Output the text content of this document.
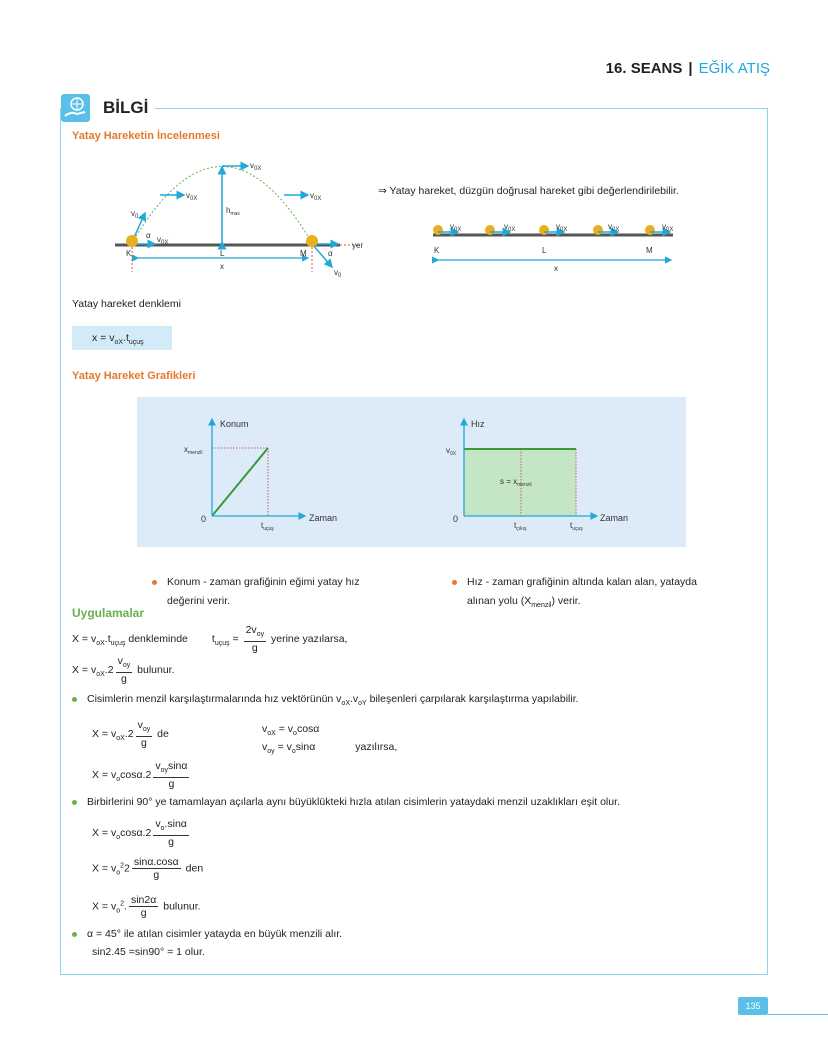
16. SEANS | EĞİK ATIŞ
BİLGİ
Yatay Hareketin İncelenmesi
$v_{0X}$
$v_{0X}$	$v_{0X}$
$v_{0X}$
$v_0$
$v_0$
$h_{max}$
α
α
K	L	M
x
yer
⇒ Yatay hareket, düzgün doğrusal hareket gibi değerlendirilebilir.
$v_{0X}$	$v_{0X}$	$v_{0X}$	$v_{0X}$	$v_{0X}$
K	L	M
x
Yatay hareket denklemi
$x = v_{oX}.t_{uçuş}$
Yatay Hareket Grafikleri
Konum
Zaman
0
$x_{menzil}$
$t_{uçuş}$
Hız
Zaman
0
$v_{0X}$
$s = x_{menzil}$
$t_{çıkış}$	$t_{uçuş}$
Konum - zaman grafiğinin eğimi yatay hız
değerini verir.
Hız - zaman grafiğinin altında kalan alan, yatayda
alınan yolu $(X_{menzil})$ verir.
Uygulamalar
$X = v_{oX}.t_{uçuş}$ denkleminde $t_{uçuş} = \frac{2v_{oy}}{g}$ yerine yazılarsa,
$X = v_{oX}.2 \frac{v_{oy}}{g}$ bulunur.
Cisimlerin menzil karşılaştırmalarında hız vektörünün $v_{oX}.v_{oY}$ bileşenleri çarpılarak karşılaştırma yapılabilir.
$X = v_{oX}.2 \frac{v_{oy}}{g}$ de	$v_{oX} = v_o\cos\alpha$
$v_{oy} = v_o\sin\alpha$	yazılırsa,
$X = v_o\cos\alpha.2 \frac{v_{oy}\sin\alpha}{g}$
Birbirlerini 90° ye tamamlayan açılarla aynı büyüklükteki hızla atılan cisimlerin yataydaki menzil uzaklıkları eşit olur.
$X = v_o\cos\alpha.2 \frac{v_o.\sin\alpha}{g}$
$X = v_o^22 \frac{\sin\alpha.\cos\alpha}{g}$ den
$X = v_o^2$. $\frac{\sin 2\alpha}{g}$ bulunur.
α = 45° ile atılan cisimler yatayda en büyük menzili alır.
sin2.45 =sin90° = 1 olur.
135
